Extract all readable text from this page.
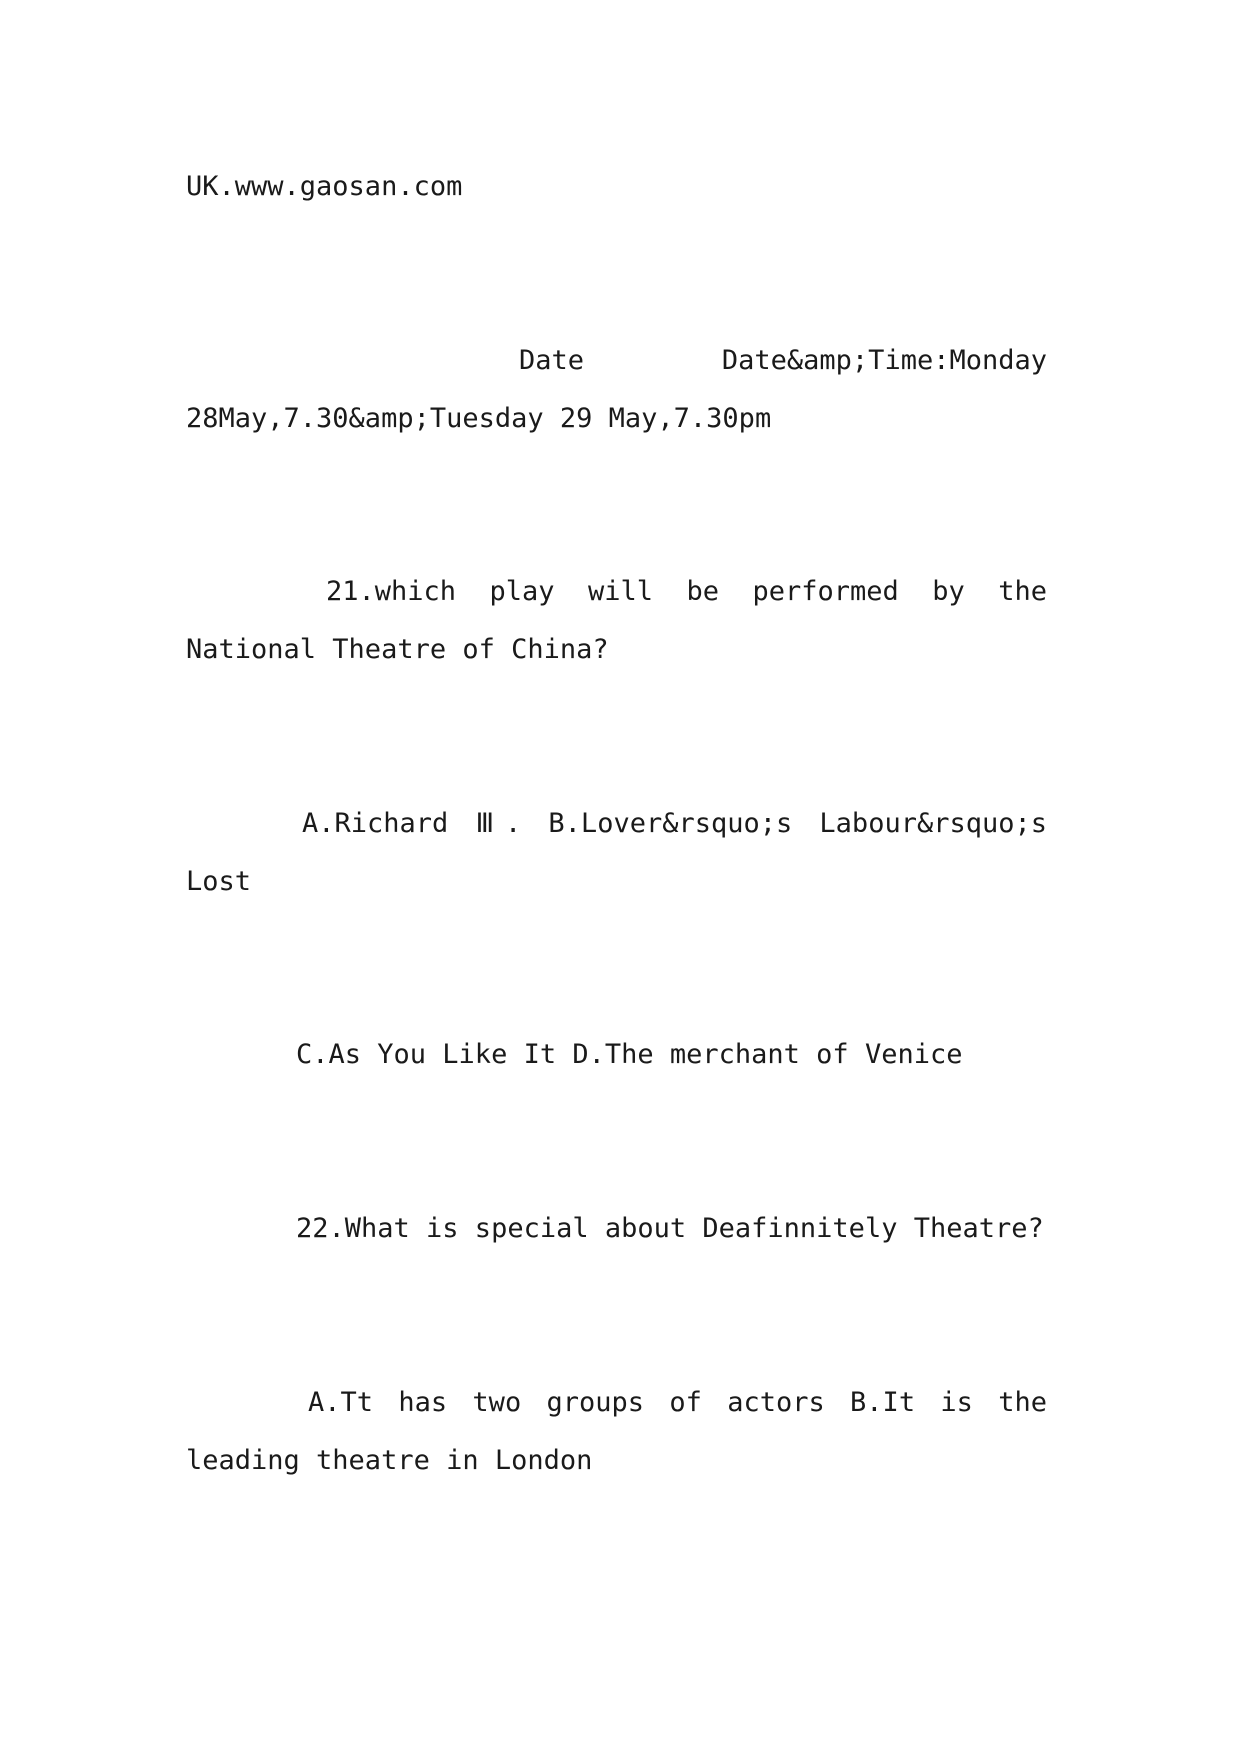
UK.www.gaosan.com
Date Date&amp;Time:Monday
28May,7.30&amp;Tuesday 29 May,7.30pm
21.which play will be performed by the
National Theatre of China?
A.Richard Ⅲ. B.Lover&rsquo;s Labour&rsquo;s
Lost
C.As You Like It D.The merchant of Venice
22.What is special about Deafinnitely Theatre?
A.Tt has two groups of actors B.It is the
leading theatre in London
